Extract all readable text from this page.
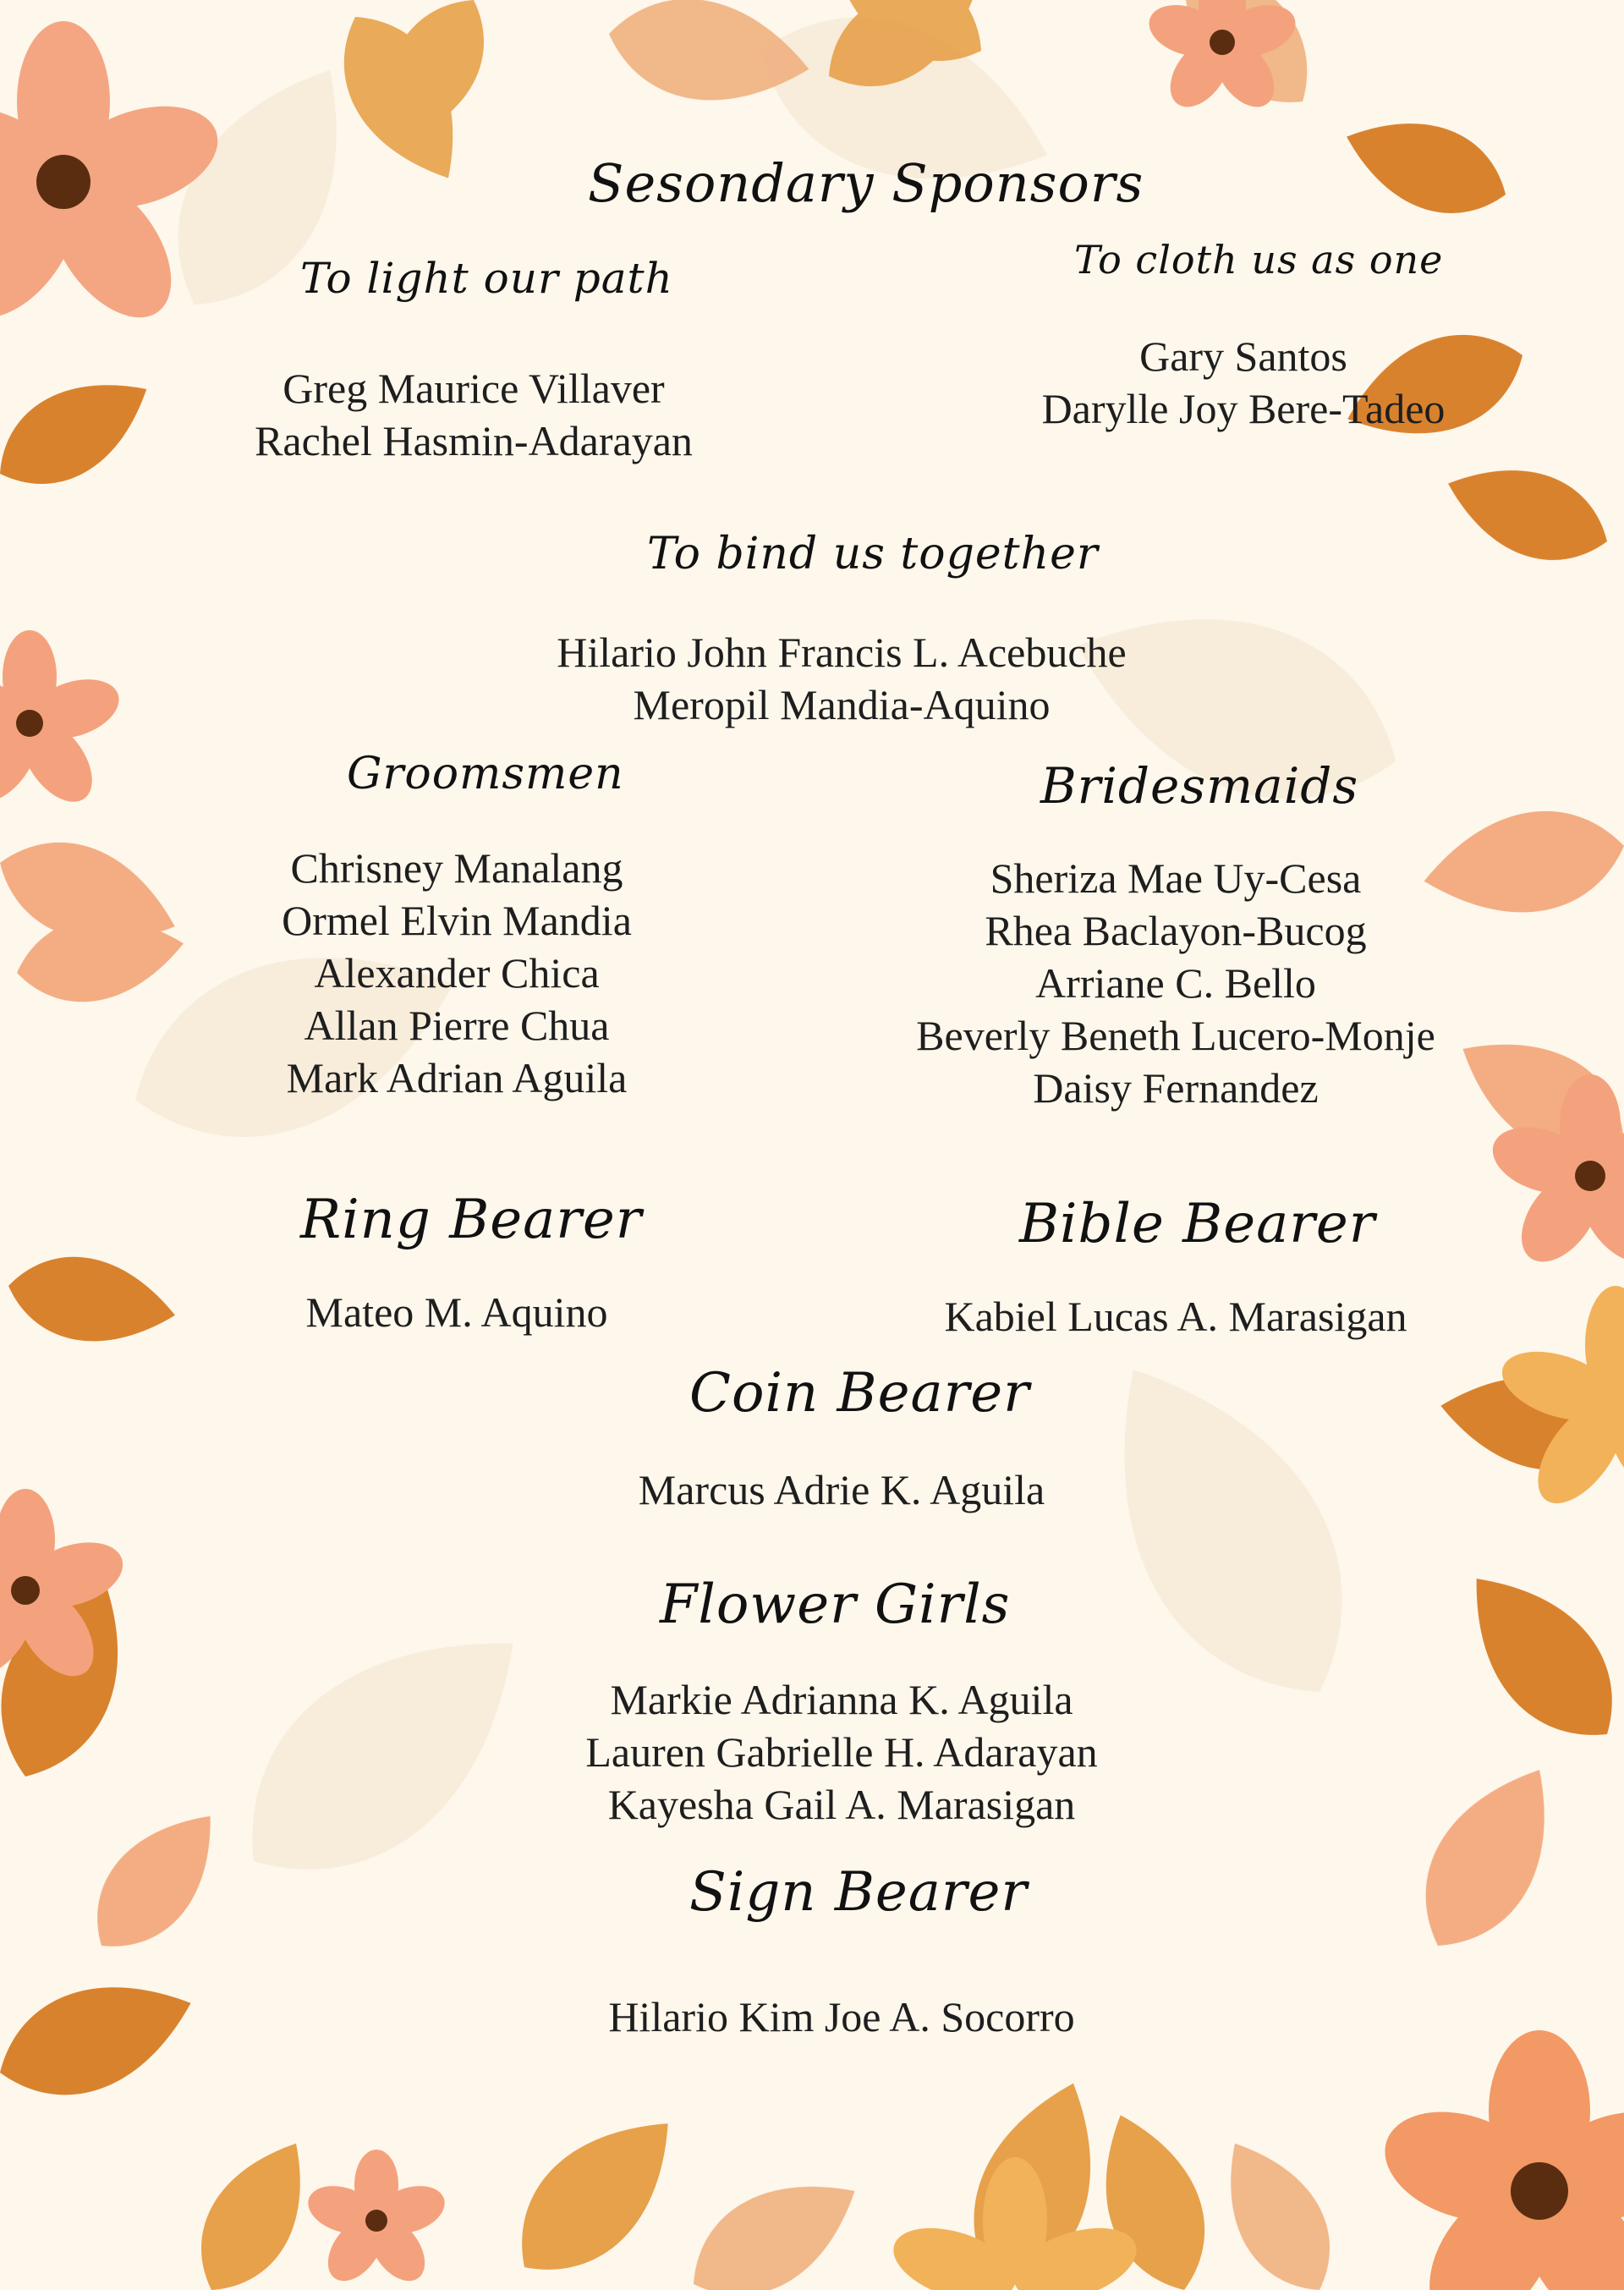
Sesondary Sponsors
To light our path
Greg Maurice Villaver
Rachel Hasmin-Adarayan
To cloth us as one
Gary Santos
Darylle Joy Bere-Tadeo
To bind us together
Hilario John Francis L. Acebuche
Meropil Mandia-Aquino
Groomsmen
Chrisney Manalang
Ormel Elvin Mandia
Alexander Chica
Allan Pierre Chua
Mark Adrian Aguila
Bridesmaids
Sheriza Mae Uy-Cesa
Rhea Baclayon-Bucog
Arriane C. Bello
Beverly Beneth Lucero-Monje
Daisy Fernandez
Ring Bearer
Mateo M. Aquino
Bible Bearer
Kabiel Lucas A. Marasigan
Coin Bearer
Marcus Adrie K. Aguila
Flower Girls
Markie Adrianna K. Aguila
Lauren Gabrielle H. Adarayan
Kayesha Gail A. Marasigan
Sign Bearer
Hilario Kim Joe A. Socorro
